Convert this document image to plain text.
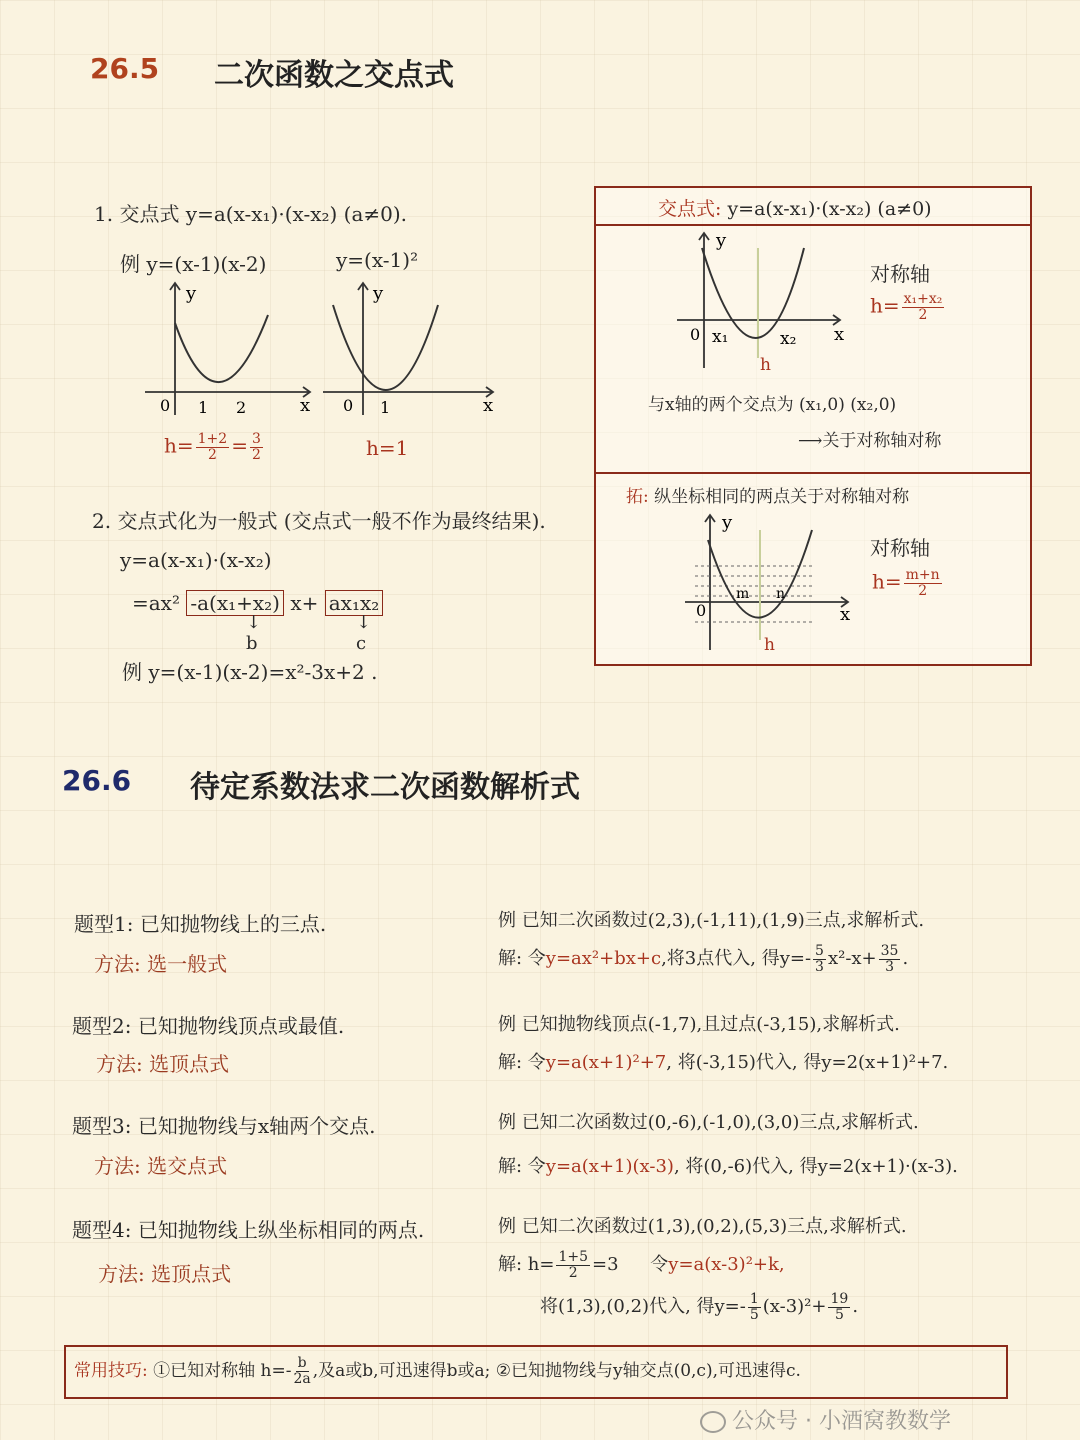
26.5 二次函数之交点式
1. 交点式 y=a(x-x₁)·(x-x₂) (a≠0).
例 y=(x-1)(x-2)	y=(x-1)²
y
x
0 1 2
y
x
0 1
$h= \frac{1+2}{2} = \frac{3}{2}$	h=1
2. 交点式化为一般式 (交点式一般不作为最终结果).
y=a(x-x₁)·(x-x₂)
=ax² -a(x₁+x₂) x+ ax₁x₂
↓
b
↓
c
例 y=(x-1)(x-2)=x²-3x+2 .
交点式: y=a(x-x₁)·(x-x₂) (a≠0)
y
x
0 x₁	x₂
h
对称轴
$h= \frac{\text{x₁+x₂}}{2}$
与x轴的两个交点为 (x₁,0) (x₂,0)
⟶关于对称轴对称
拓: 纵坐标相同的两点关于对称轴对称
y
x
0
m n
h
对称轴
$h= \frac{m+n}{2}$
26.6 待定系数法求二次函数解析式
题型1: 已知抛物线上的三点.
方法: 选一般式
题型2: 已知抛物线顶点或最值.
方法: 选顶点式
题型3: 已知抛物线与x轴两个交点.
方法: 选交点式
题型4: 已知抛物线上纵坐标相同的两点.
方法: 选顶点式
例 已知二次函数过(2,3),(-1,11),(1,9)三点,求解析式.
解: 令y=ax²+bx+c,将3点代入, 得$y=- \frac{5}{3} x^2-x+ \frac{35}{3}$ .
例 已知抛物线顶点(-1,7),且过点(-3,15),求解析式.
解: 令y=a(x+1)²+7, 将(-3,15)代入, 得y=2(x+1)²+7.
例 已知二次函数过(0,-6),(-1,0),(3,0)三点,求解析式.
解: 令y=a(x+1)(x-3), 将(0,-6)代入, 得y=2(x+1)·(x-3).
例 已知二次函数过(1,3),(0,2),(5,3)三点,求解析式.
解: $h= \frac{1+5}{2} =3$ 令y=a(x-3)²+k,
将(1,3),(0,2)代入, 得$y=- \frac{1}{5} (x-3)^2+ \frac{19}{5}$ .
常用技巧: ①已知对称轴 $h=- \frac{b}{2a}$ ,及a或b,可迅速得b或a; ②已知抛物线与y轴交点(0,c),可迅速得c.
公众号 · 小酒窝教数学
